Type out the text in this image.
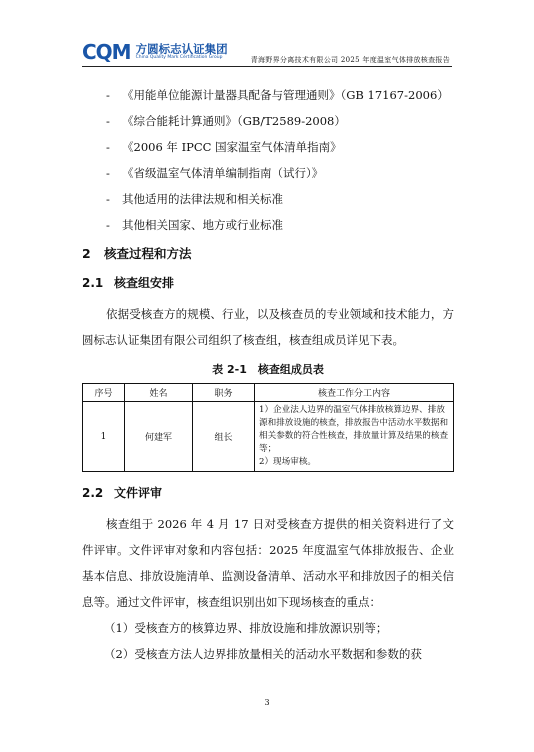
CQM 方圆标志认证集团
China Quality Mark Certification Group	青海野界分离技术有限公司 2025 年度温室气体排放核查报告
- 《用能单位能源计量器具配备与管理通则》（GB 17167-2006）
- 《综合能耗计算通则》（GB/T2589-2008）
- 《2006 年 IPCC 国家温室气体清单指南》
- 《省级温室气体清单编制指南（试行）》
- 其他适用的法律法规和相关标准
- 其他相关国家、地方或行业标准
2 核查过程和方法
2.1 核查组安排

依据受核查方的规模、行业，以及核查员的专业领域和技术能力，方圆标志认证集团有限公司组织了核查组，核查组成员详见下表。

表 2-1　核查组成员表
序号	姓名	职务	核查工作分工内容
1	何建军	组长	1）企业法人边界的温室气体排放核算边界、排放源和排放设施的核查，排放报告中活动水平数据和相关参数的符合性核查，排放量计算及结果的核查等；
2）现场审核。
2.2 文件评审

核查组于 2026 年 4 月 17 日对受核查方提供的相关资料进行了文件评审。文件评审对象和内容包括：2025 年度温室气体排放报告、企业基本信息、排放设施清单、监测设备清单、活动水平和排放因子的相关信息等。通过文件评审，核查组识别出如下现场核查的重点：

（1）受核查方的核算边界、排放设施和排放源识别等；

（2）受核查方法人边界排放量相关的活动水平数据和参数的获

3
